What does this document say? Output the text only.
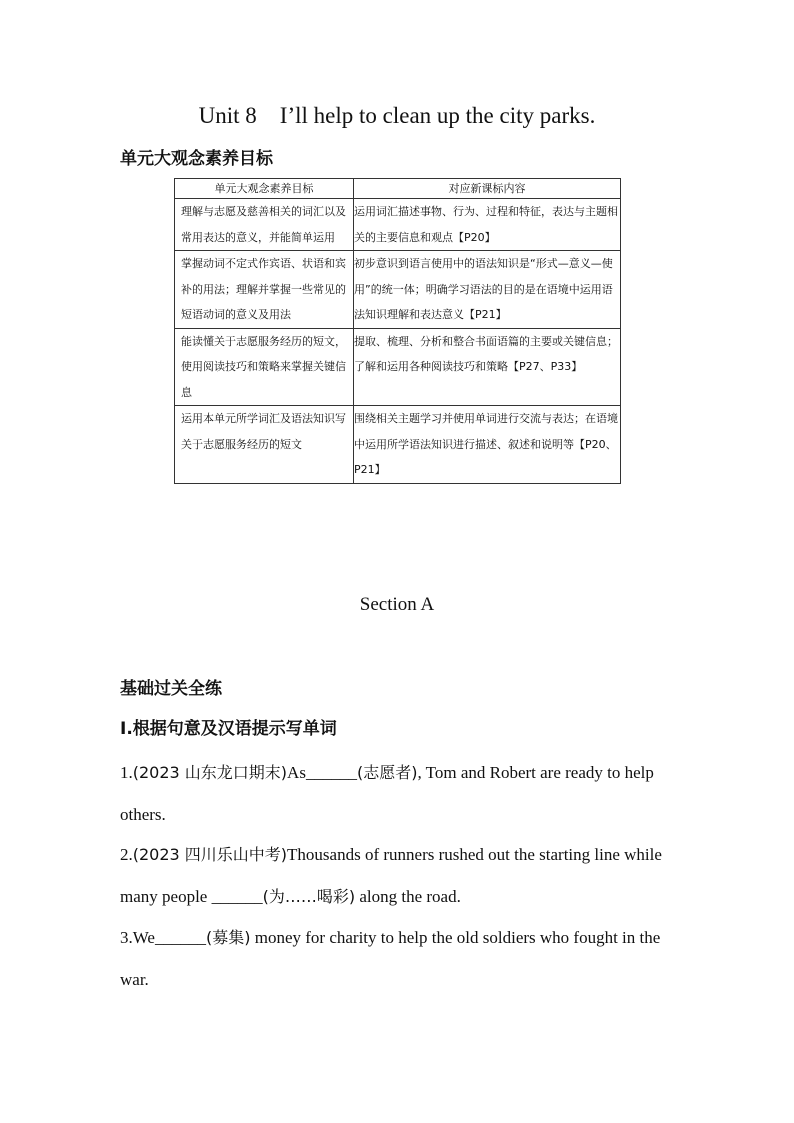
Unit 8    I’ll help to clean up the city parks.
单元大观念素养目标
单元大观念素养目标	对应新课标内容

理解与志愿及慈善相关的词汇以及常用表达的意义，并能简单运用	运用词汇描述事物、行为、过程和特征，表达与主题相关的主要信息和观点【P20】

掌握动词不定式作宾语、状语和宾补的用法；理解并掌握一些常见的短语动词的意义及用法	初步意识到语言使用中的语法知识是“形式—意义—使用”的统一体；明确学习语法的目的是在语境中运用语法知识理解和表达意义【P21】

能读懂关于志愿服务经历的短文，使用阅读技巧和策略来掌握关键信息	提取、梳理、分析和整合书面语篇的主要或关键信息；了解和运用各种阅读技巧和策略【P27、P33】

运用本单元所学词汇及语法知识写关于志愿服务经历的短文	围绕相关主题学习并使用单词进行交流与表达；在语境中运用所学语法知识进行描述、叙述和说明等【P20、P21】
Section A
基础过关全练
Ⅰ.根据句意及汉语提示写单词

1.(2023 山东龙口期末)As______(志愿者), Tom and Robert are ready to help others.

2.(2023 四川乐山中考)Thousands of runners rushed out the starting line while many people ______(为……喝彩) along the road.

3.We______(募集) money for charity to help the old soldiers who fought in the war.
